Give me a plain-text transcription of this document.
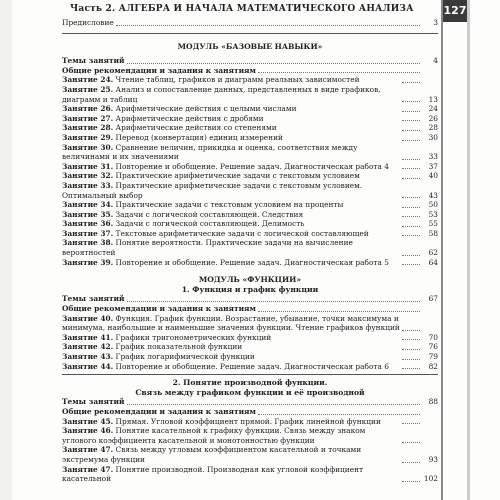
Часть 2. АЛГЕБРА И НАЧАЛА МАТЕМАТИЧЕСКОГО АНАЛИЗА	127
Предисловие	3
МОДУЛЬ «БАЗОВЫЕ НАВЫКИ»
Темы занятий	4
Общие рекомендации и задания к занятиям
Занятие 24. Чтение таблиц, графиков и диаграмм реальных зависимостей
Занятие 25. Анализ и сопоставление данных, представленных в виде графиков, диаграмм и таблиц	13
Занятие 26. Арифметические действия с целыми числами	24
Занятие 27. Арифметические действия с дробями	26
Занятие 28. Арифметические действия со степенями	28
Занятие 29. Перевод (конвертация) единиц измерений	30
Занятие 30. Сравнение величин, прикидка и оценка, соответствия между величинами и их значениями	33
Занятие 31. Повторение и обобщение. Решение задач. Диагностическая работа 4	37
Занятие 32. Практические арифметические задачи с текстовым условием	40
Занятие 33. Практические арифметические задачи с текстовым условием. Оптимальный выбор	43
Занятие 34. Практические задачи с текстовым условием на проценты	50
Занятие 35. Задачи с логической составляющей. Следствия	53
Занятие 36. Задачи с логической составляющей. Делимость	55
Занятие 37. Текстовые арифметические задачи с логической составляющей	58
Занятие 38. Понятие вероятности. Практические задачи на вычисление вероятностей	62
Занятие 39. Повторение и обобщение. Решение задач. Диагностическая работа 5	64
МОДУЛЬ «ФУНКЦИИ»
1. Функция и график функции
Темы занятий	67
Общие рекомендации и задания к занятиям
Занятие 40. Функция. График функции. Возрастание, убывание, точки максимума и минимума, наибольшие и наименьшие значения функции. Чтение графиков функций
Занятие 41. Графики тригонометрических функций	70
Занятие 42. График показательной функции	76
Занятие 43. График логарифмической функции	79
Занятие 44. Повторение и обобщение. Решение задач. Диагностическая работа 6	82
2. Понятие производной функции.
Связь между графиком функции и её производной
Темы занятий	88
Общие рекомендации и задания к занятиям
Занятие 45. Прямая. Угловой коэффициент прямой. График линейной функции
Занятие 46. Понятие касательной к графику функции. Связь между знаком углового коэффициента касательной и монотонностью функции
Занятие 47. Связь между угловым коэффициентом касательной и точками экстремума функции	93
Занятие 47. Понятие производной. Производная как угловой коэффициент касательной	102
